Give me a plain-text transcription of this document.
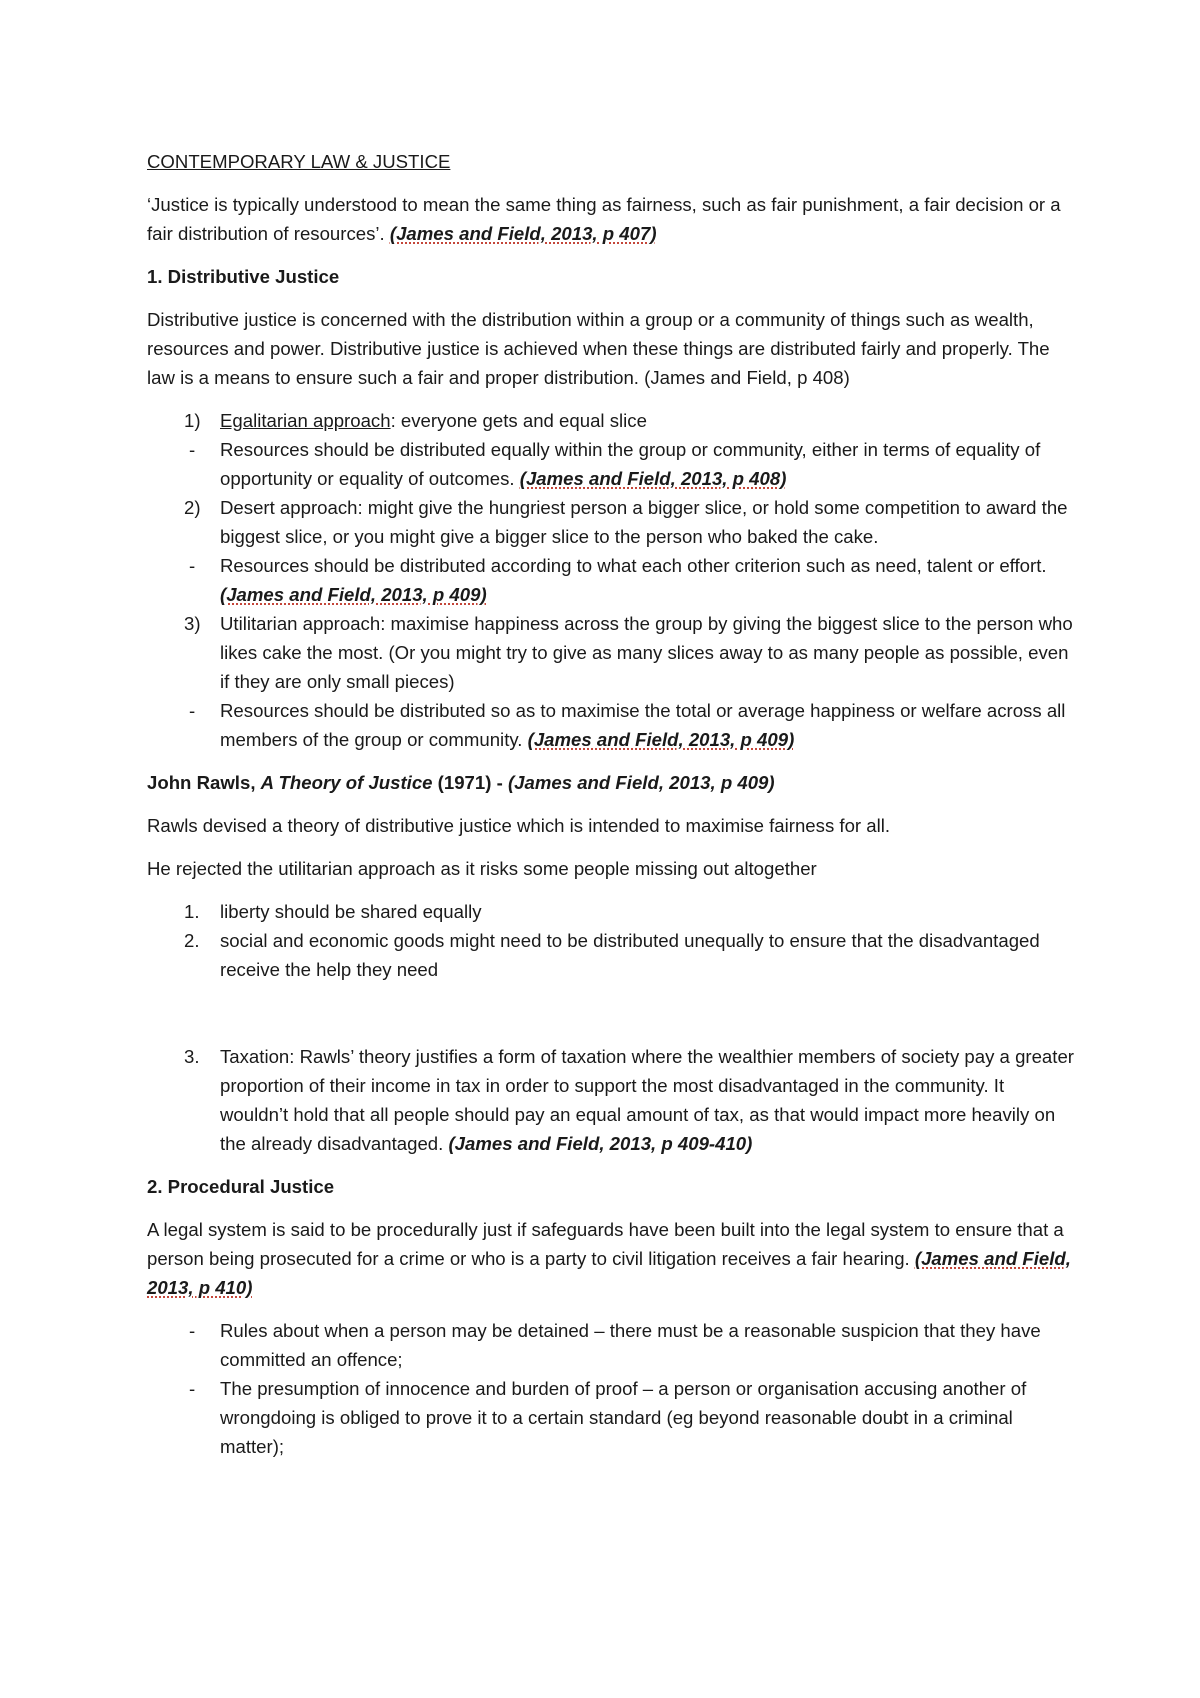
CONTEMPORARY LAW & JUSTICE

‘Justice is typically understood to mean the same thing as fairness, such as fair punishment, a fair decision or a fair distribution of resources’. (James and Field, 2013, p 407)

1. Distributive Justice

Distributive justice is concerned with the distribution within a group or a community of things such as wealth, resources and power. Distributive justice is achieved when these things are distributed fairly and properly. The law is a means to ensure such a fair and proper distribution. (James and Field, p 408)

1) Egalitarian approach: everyone gets and equal slice
- Resources should be distributed equally within the group or community, either in terms of equality of opportunity or equality of outcomes. (James and Field, 2013, p 408)
2) Desert approach: might give the hungriest person a bigger slice, or hold some competition to award the biggest slice, or you might give a bigger slice to the person who baked the cake.
- Resources should be distributed according to what each other criterion such as need, talent or effort. (James and Field, 2013, p 409)
3) Utilitarian approach: maximise happiness across the group by giving the biggest slice to the person who likes cake the most. (Or you might try to give as many slices away to as many people as possible, even if they are only small pieces)
- Resources should be distributed so as to maximise the total or average happiness or welfare across all members of the group or community. (James and Field, 2013, p 409)

John Rawls, A Theory of Justice (1971) - (James and Field, 2013, p 409)

Rawls devised a theory of distributive justice which is intended to maximise fairness for all.

He rejected the utilitarian approach as it risks some people missing out altogether

1. liberty should be shared equally
2. social and economic goods might need to be distributed unequally to ensure that the disadvantaged receive the help they need
3. Taxation: Rawls’ theory justifies a form of taxation where the wealthier members of society pay a greater proportion of their income in tax in order to support the most disadvantaged in the community. It wouldn’t hold that all people should pay an equal amount of tax, as that would impact more heavily on the already disadvantaged. (James and Field, 2013, p 409-410)

2. Procedural Justice

A legal system is said to be procedurally just if safeguards have been built into the legal system to ensure that a person being prosecuted for a crime or who is a party to civil litigation receives a fair hearing. (James and Field, 2013, p 410)

- Rules about when a person may be detained – there must be a reasonable suspicion that they have committed an offence;
- The presumption of innocence and burden of proof – a person or organisation accusing another of wrongdoing is obliged to prove it to a certain standard (eg beyond reasonable doubt in a criminal matter);
